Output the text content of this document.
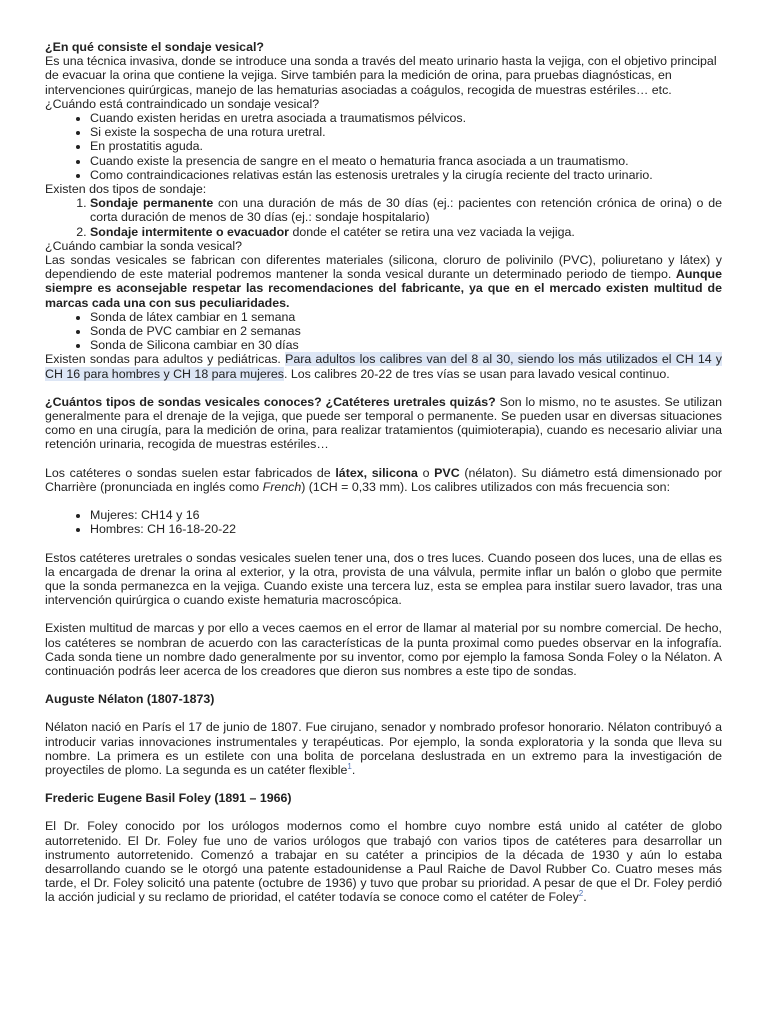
¿En qué consiste el sondaje vesical?

Es una técnica invasiva, donde se introduce una sonda a través del meato urinario hasta la vejiga, con el objetivo principal de evacuar la orina que contiene la vejiga. Sirve también para la medición de orina, para pruebas diagnósticas, en intervenciones quirúrgicas, manejo de las hematurias asociadas a coágulos, recogida de muestras estériles… etc.

¿Cuándo está contraindicado un sondaje vesical?

• Cuando existen heridas en uretra asociada a traumatismos pélvicos.
• Si existe la sospecha de una rotura uretral.
• En prostatitis aguda.
• Cuando existe la presencia de sangre en el meato o hematuria franca asociada a un traumatismo.
• Como contraindicaciones relativas están las estenosis uretrales y la cirugía reciente del tracto urinario.

Existen dos tipos de sondaje:

1. Sondaje permanente con una duración de más de 30 días (ej.: pacientes con retención crónica de orina) o de corta duración de menos de 30 días (ej.: sondaje hospitalario)
2. Sondaje intermitente o evacuador donde el catéter se retira una vez vaciada la vejiga.

¿Cuándo cambiar la sonda vesical?

Las sondas vesicales se fabrican con diferentes materiales (silicona, cloruro de polivinilo (PVC), poliuretano y látex) y dependiendo de este material podremos mantener la sonda vesical durante un determinado periodo de tiempo. Aunque siempre es aconsejable respetar las recomendaciones del fabricante, ya que en el mercado existen multitud de marcas cada una con sus peculiaridades.

• Sonda de látex cambiar en 1 semana
• Sonda de PVC cambiar en 2 semanas
• Sonda de Silicona cambiar en 30 días

Existen sondas para adultos y pediátricas. Para adultos los calibres van del 8 al 30, siendo los más utilizados el CH 14 y CH 16 para hombres y CH 18 para mujeres. Los calibres 20-22 de tres vías se usan para lavado vesical continuo.

¿Cuántos tipos de sondas vesicales conoces? ¿Catéteres uretrales quizás? Son lo mismo, no te asustes. Se utilizan generalmente para el drenaje de la vejiga, que puede ser temporal o permanente. Se pueden usar en diversas situaciones como en una cirugía, para la medición de orina, para realizar tratamientos (quimioterapia), cuando es necesario aliviar una retención urinaria, recogida de muestras estériles…

Los catéteres o sondas suelen estar fabricados de látex, silicona o PVC (nélaton). Su diámetro está dimensionado por Charrière (pronunciada en inglés como French) (1CH = 0,33 mm). Los calibres utilizados con más frecuencia son:

• Mujeres: CH14 y 16
• Hombres: CH 16-18-20-22

Estos catéteres uretrales o sondas vesicales suelen tener una, dos o tres luces. Cuando poseen dos luces, una de ellas es la encargada de drenar la orina al exterior, y la otra, provista de una válvula, permite inflar un balón o globo que permite que la sonda permanezca en la vejiga. Cuando existe una tercera luz, esta se emplea para instilar suero lavador, tras una intervención quirúrgica o cuando existe hematuria macroscópica.

Existen multitud de marcas y por ello a veces caemos en el error de llamar al material por su nombre comercial. De hecho, los catéteres se nombran de acuerdo con las características de la punta proximal como puedes observar en la infografía. Cada sonda tiene un nombre dado generalmente por su inventor, como por ejemplo la famosa Sonda Foley o la Nélaton. A continuación podrás leer acerca de los creadores que dieron sus nombres a este tipo de sondas.

Auguste Nélaton (1807-1873)

Nélaton nació en París el 17 de junio de 1807. Fue cirujano, senador y nombrado profesor honorario. Nélaton contribuyó a introducir varias innovaciones instrumentales y terapéuticas. Por ejemplo, la sonda exploratoria y la sonda que lleva su nombre. La primera es un estilete con una bolita de porcelana deslustrada en un extremo para la investigación de proyectiles de plomo. La segunda es un catéter flexible$^1$.

Frederic Eugene Basil Foley (1891 – 1966)

El Dr. Foley conocido por los urólogos modernos como el hombre cuyo nombre está unido al catéter de globo autorretenido. El Dr. Foley fue uno de varios urólogos que trabajó con varios tipos de catéteres para desarrollar un instrumento autorretenido. Comenzó a trabajar en su catéter a principios de la década de 1930 y aún lo estaba desarrollando cuando se le otorgó una patente estadounidense a Paul Raiche de Davol Rubber Co. Cuatro meses más tarde, el Dr. Foley solicitó una patente (octubre de 1936) y tuvo que probar su prioridad. A pesar de que el Dr. Foley perdió la acción judicial y su reclamo de prioridad, el catéter todavía se conoce como el catéter de Foley$^2$.
